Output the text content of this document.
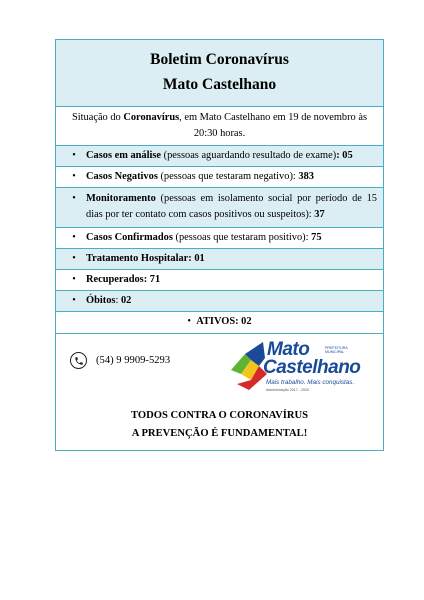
Boletim Coronavírus
Mato Castelhano
Situação do Coronavírus, em Mato Castelhano em 19 de novembro às 20:30 horas.
• Casos em análise (pessoas aguardando resultado de exame): 05
• Casos Negativos (pessoas que testaram negativo): 383
• Monitoramento (pessoas em isolamento social por período de 15 dias por ter contato com casos positivos ou suspeitos): 37
• Casos Confirmados (pessoas que testaram positivo): 75
• Tratamento Hospitalar: 01
• Recuperados: 71
• Óbitos: 02
• ATIVOS: 02
(54) 9 9909-5293
PREFEITURA MUNICIPAL
Mato
Castelhano
Mais trabalho. Mais conquistas.
Administração 2017 - 2020
TODOS CONTRA O CORONAVÍRUS
A PREVENÇÃO É FUNDAMENTAL!
